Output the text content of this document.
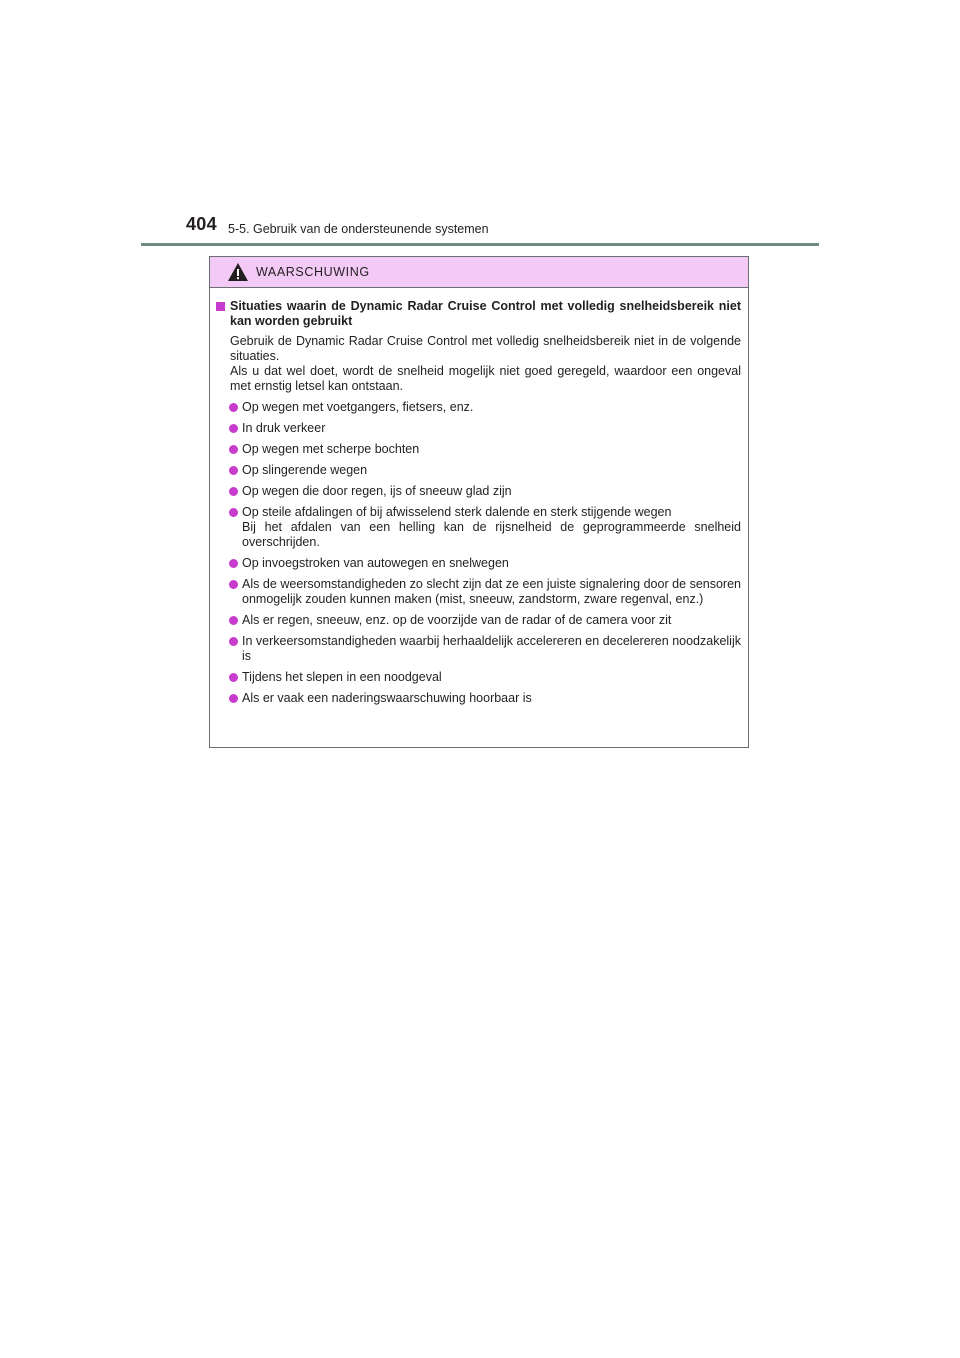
404 5-5. Gebruik van de ondersteunende systemen
WAARSCHUWING
Situaties waarin de Dynamic Radar Cruise Control met volledig snelheidsbereik niet kan worden gebruikt

Gebruik de Dynamic Radar Cruise Control met volledig snelheidsbereik niet in de volgende situaties.
Als u dat wel doet, wordt de snelheid mogelijk niet goed geregeld, waardoor een ongeval met ernstig letsel kan ontstaan.

Op wegen met voetgangers, fietsers, enz.
In druk verkeer
Op wegen met scherpe bochten
Op slingerende wegen
Op wegen die door regen, ijs of sneeuw glad zijn
Op steile afdalingen of bij afwisselend sterk dalende en sterk stijgende wegen
Bij het afdalen van een helling kan de rijsnelheid de geprogrammeerde snelheid overschrijden.
Op invoegstroken van autowegen en snelwegen
Als de weersomstandigheden zo slecht zijn dat ze een juiste signalering door de sensoren onmogelijk zouden kunnen maken (mist, sneeuw, zandstorm, zware regenval, enz.)
Als er regen, sneeuw, enz. op de voorzijde van de radar of de camera voor zit
In verkeersomstandigheden waarbij herhaaldelijk accelereren en decelereren noodzakelijk is
Tijdens het slepen in een noodgeval
Als er vaak een naderingswaarschuwing hoorbaar is
